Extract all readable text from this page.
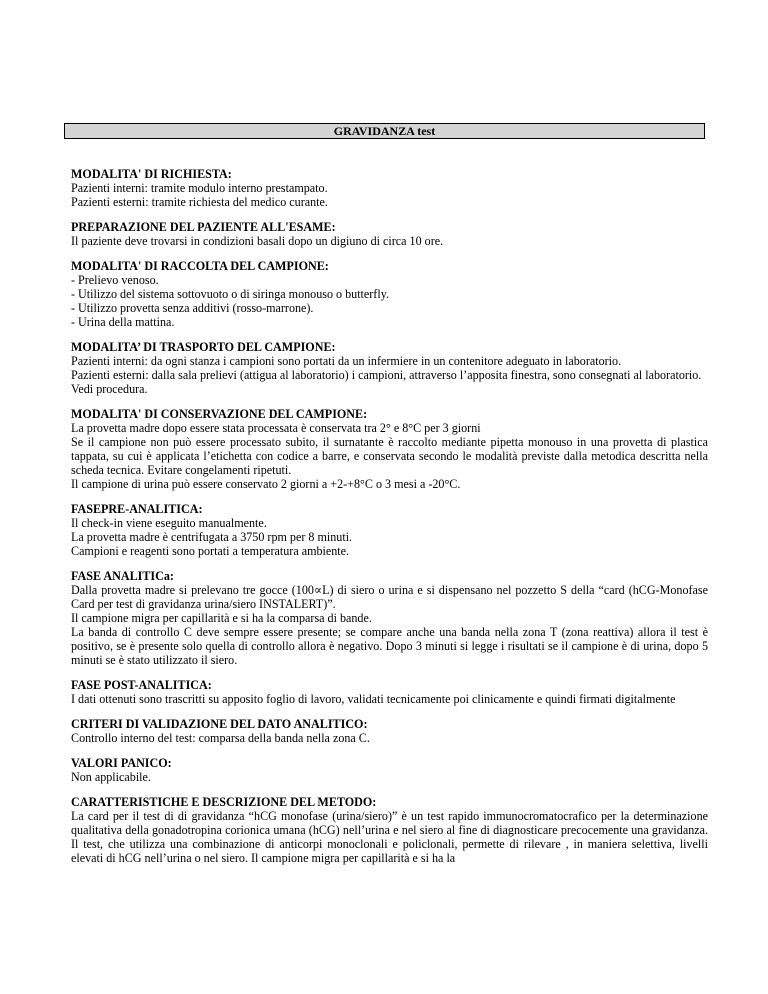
GRAVIDANZA test
MODALITA' DI RICHIESTA:

Pazienti interni: tramite modulo interno prestampato.

Pazienti esterni: tramite richiesta del medico curante.

PREPARAZIONE DEL PAZIENTE ALL'ESAME:

Il paziente deve trovarsi in condizioni basali dopo un digiuno di circa 10 ore.

MODALITA' DI RACCOLTA DEL CAMPIONE:

- Prelievo venoso.

- Utilizzo del sistema sottovuoto o di siringa monouso o butterfly.

- Utilizzo provetta senza additivi (rosso-marrone).

- Urina della mattina.

MODALITA’ DI TRASPORTO DEL CAMPIONE:

Pazienti interni: da ogni stanza i campioni sono portati da un infermiere in un contenitore adeguato in laboratorio.

Pazienti esterni: dalla sala prelievi (attigua al laboratorio) i campioni, attraverso l’apposita finestra, sono consegnati al laboratorio.

Vedi procedura.

MODALITA' DI CONSERVAZIONE DEL CAMPIONE:

La provetta madre dopo essere stata processata è conservata tra 2° e 8°C per 3 giorni

Se il campione non può essere processato subito, il surnatante è raccolto mediante pipetta monouso in una provetta di plastica tappata, su cui è applicata l’etichetta con codice a barre, e conservata secondo le modalità previste dalla metodica descritta nella scheda tecnica. Evitare congelamenti ripetuti.

Il campione di urina può essere conservato 2 giorni a +2-+8°C o 3 mesi a -20°C.

FASEPRE-ANALITICA:

Il check-in viene eseguito manualmente.

La provetta madre è centrifugata a 3750 rpm per 8 minuti.

Campioni e reagenti sono portati a temperatura ambiente.

FASE ANALITICa:

Dalla provetta madre si prelevano tre gocce (100∝L) di siero o urina e si dispensano nel pozzetto S della “card (hCG-Monofase Card per test di gravidanza urina/siero INSTALERT)”.

Il campione migra per capillarità e si ha la comparsa di bande.

La banda di controllo C deve sempre essere presente; se compare anche una banda nella zona T (zona reattiva) allora il test è positivo, se è presente solo quella di controllo allora è negativo. Dopo 3 minuti si legge i risultati se il campione è di urina, dopo 5 minuti se è stato utilizzato il siero.

FASE POST-ANALITICA:

I dati ottenuti sono trascritti su apposito foglio di lavoro, validati tecnicamente poi clinicamente e quindi firmati digitalmente

CRITERI DI VALIDAZIONE DEL DATO ANALITICO:

Controllo interno del test: comparsa della banda nella zona C.

VALORI PANICO:

Non applicabile.

CARATTERISTICHE E DESCRIZIONE DEL METODO:

La card per il test di di gravidanza “hCG monofase (urina/siero)” è un test rapido immunocromatocrafico per la determinazione qualitativa della gonadotropina corionica umana (hCG) nell’urina e nel siero al fine di diagnosticare precocemente una gravidanza. Il test, che utilizza una combinazione di anticorpi monoclonali e policlonali, permette di rilevare , in maniera selettiva, livelli elevati di hCG nell’urina o nel siero. Il campione migra per capillarità e si ha la
